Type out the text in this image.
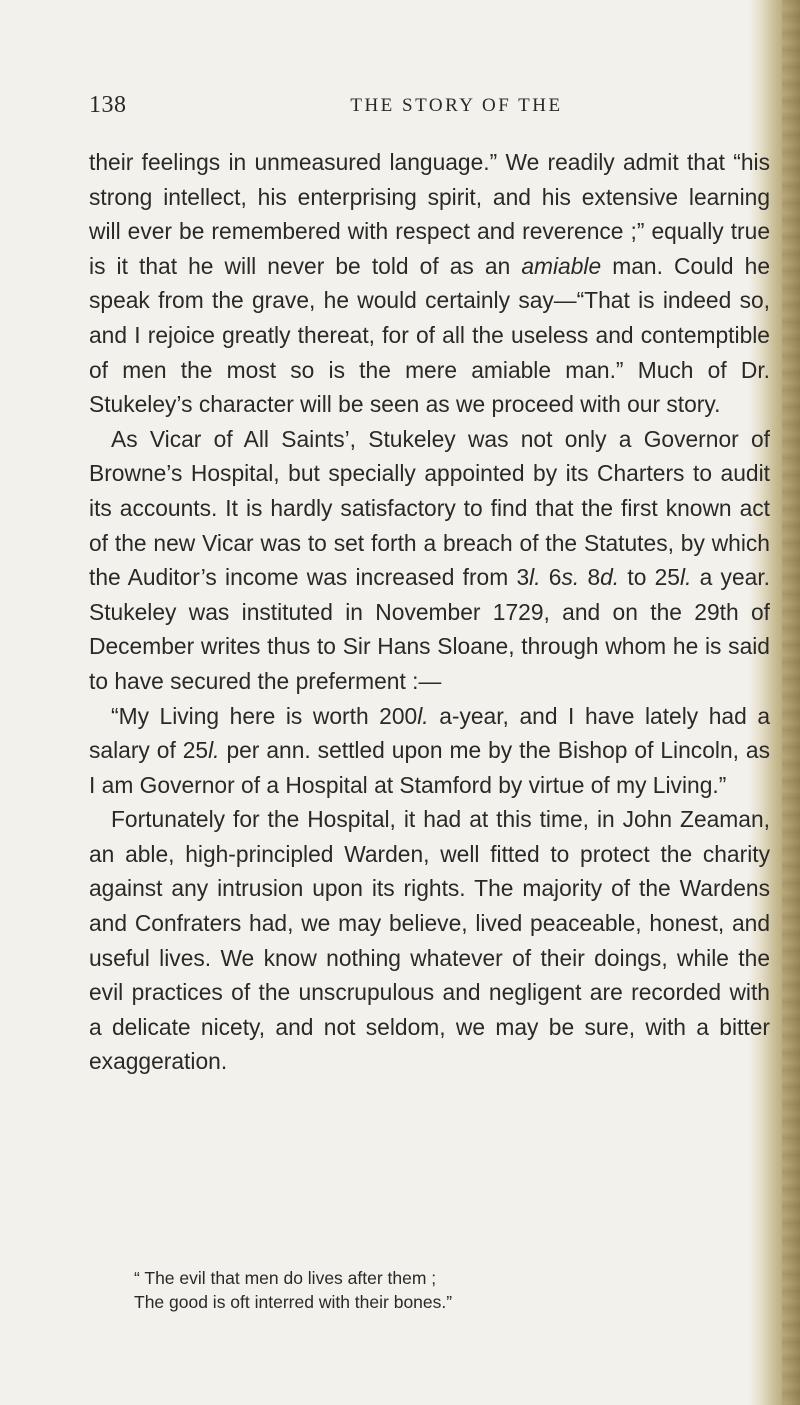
138	THE STORY OF THE

their feelings in unmeasured language.” We readily admit that “his strong intellect, his enterprising spirit, and his extensive learning will ever be remembered with respect and reverence ;” equally true is it that he will never be told of as an amiable man. Could he speak from the grave, he would certainly say—“That is indeed so, and I rejoice greatly thereat, for of all the useless and contemptible of men the most so is the mere amiable man.” Much of Dr. Stukeley’s character will be seen as we proceed with our story.

As Vicar of All Saints’, Stukeley was not only a Governor of Browne’s Hospital, but specially appointed by its Charters to audit its accounts. It is hardly satisfactory to find that the first known act of the new Vicar was to set forth a breach of the Statutes, by which the Auditor’s income was increased from 3l. 6s. 8d. to 25l. a year. Stukeley was instituted in November 1729, and on the 29th of December writes thus to Sir Hans Sloane, through whom he is said to have secured the preferment :—

“My Living here is worth 200l. a-year, and I have lately had a salary of 25l. per ann. settled upon me by the Bishop of Lincoln, as I am Governor of a Hospital at Stamford by virtue of my Living.”

Fortunately for the Hospital, it had at this time, in John Zeaman, an able, high-principled Warden, well fitted to protect the charity against any intrusion upon its rights. The majority of the Wardens and Confraters had, we may believe, lived peaceable, honest, and useful lives. We know nothing whatever of their doings, while the evil practices of the unscrupulous and negligent are recorded with a delicate nicety, and not seldom, we may be sure, with a bitter exaggeration.

“ The evil that men do lives after them ;
The good is oft interred with their bones.”
